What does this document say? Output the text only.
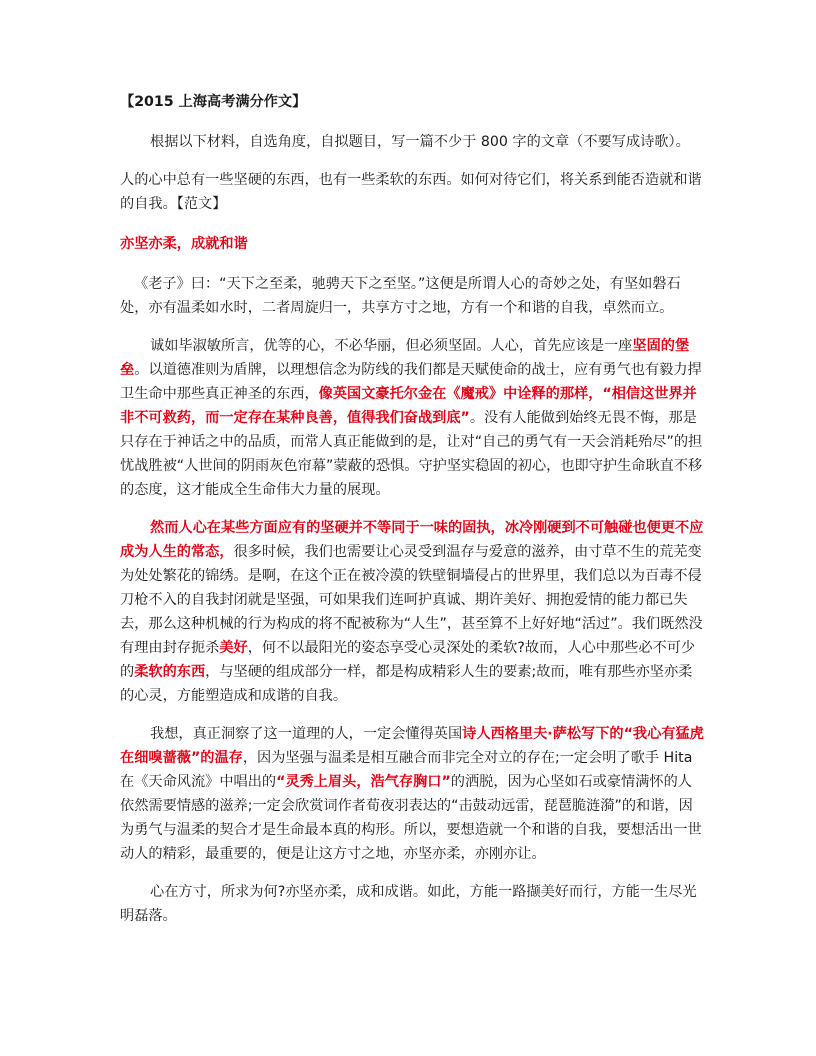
【2015 上海高考满分作文】

根据以下材料，自选角度，自拟题目，写一篇不少于 800 字的文章（不要写成诗歌）。

人的心中总有一些坚硬的东西，也有一些柔软的东西。如何对待它们，将关系到能否造就和谐的自我。【范文】

亦坚亦柔，成就和谐

《老子》曰：“天下之至柔，驰骋天下之至坚。”这便是所谓人心的奇妙之处，有坚如磐石处，亦有温柔如水时，二者周旋归一，共享方寸之地，方有一个和谐的自我，卓然而立。

诚如毕淑敏所言，优等的心，不必华丽，但必须坚固。人心，首先应该是一座坚固的堡垒。以道德准则为盾牌，以理想信念为防线的我们都是天赋使命的战士，应有勇气也有毅力捍卫生命中那些真正神圣的东西，像英国文豪托尔金在《魔戒》中诠释的那样，“相信这世界并非不可救药，而一定存在某种良善，值得我们奋战到底”。没有人能做到始终无畏不悔，那是只存在于神话之中的品质，而常人真正能做到的是，让对“自己的勇气有一天会消耗殆尽”的担忧战胜被“人世间的阴雨灰色帘幕”蒙蔽的恐惧。守护坚实稳固的初心，也即守护生命耿直不移的态度，这才能成全生命伟大力量的展现。

然而人心在某些方面应有的坚硬并不等同于一味的固执，冰冷刚硬到不可触碰也便更不应成为人生的常态，很多时候，我们也需要让心灵受到温存与爱意的滋养，由寸草不生的荒芜变为处处繁花的锦绣。是啊，在这个正在被冷漠的铁壁铜墙侵占的世界里，我们总以为百毒不侵刀枪不入的自我封闭就是坚强，可如果我们连呵护真诚、期许美好、拥抱爱情的能力都已失去，那么这种机械的行为构成的将不配被称为“人生”，甚至算不上好好地“活过”。我们既然没有理由封存扼杀美好，何不以最阳光的姿态享受心灵深处的柔软?故而，人心中那些必不可少的柔软的东西，与坚硬的组成部分一样，都是构成精彩人生的要素;故而，唯有那些亦坚亦柔的心灵，方能塑造成和成谐的自我。

我想，真正洞察了这一道理的人，一定会懂得英国诗人西格里夫·萨松写下的“我心有猛虎在细嗅蔷薇”的温存，因为坚强与温柔是相互融合而非完全对立的存在;一定会明了歌手 Hita 在《天命风流》中唱出的“灵秀上眉头，浩气存胸口”的洒脱，因为心坚如石或豪情满怀的人依然需要情感的滋养;一定会欣赏词作者荀夜羽表达的“击鼓动远雷，琵琶脆涟漪”的和谐，因为勇气与温柔的契合才是生命最本真的构形。所以，要想造就一个和谐的自我，要想活出一世动人的精彩，最重要的，便是让这方寸之地，亦坚亦柔，亦刚亦让。

心在方寸，所求为何?亦坚亦柔，成和成谐。如此，方能一路撷美好而行，方能一生尽光明磊落。
